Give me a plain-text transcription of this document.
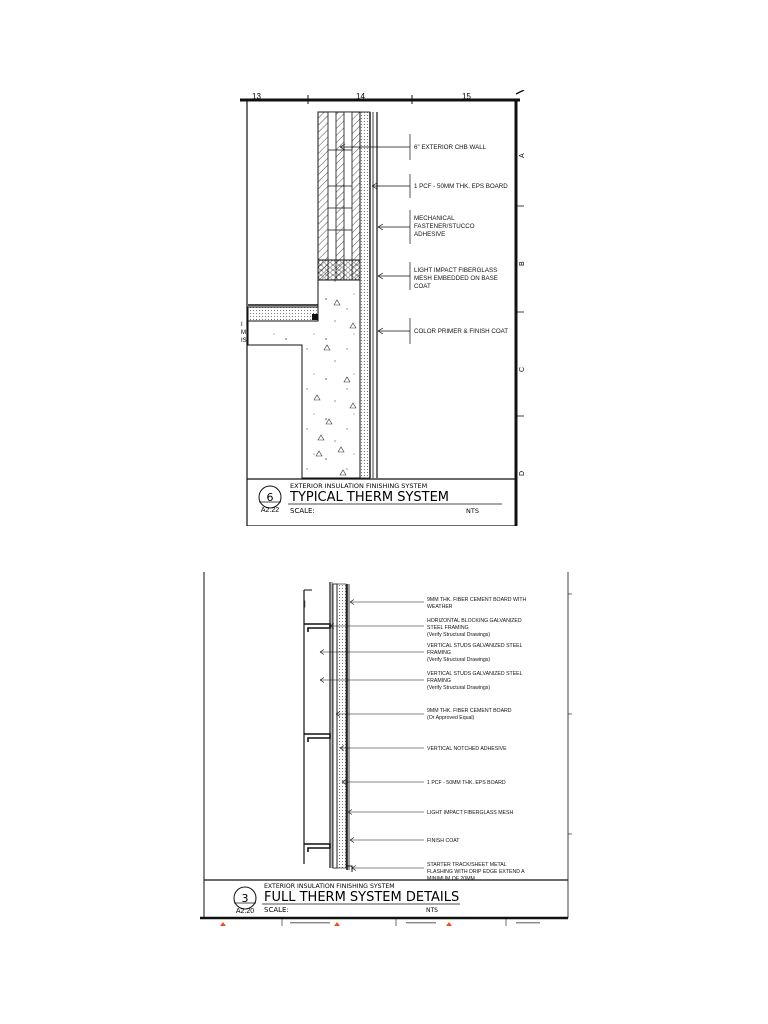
13	14	15
A
B
C
D
I
M
IS
6" EXTERIOR CHB WALL
1 PCF - 50MM THK. EPS BOARD
MECHANICAL
FASTENER/STUCCO
ADHESIVE
LIGHT IMPACT FIBERGLASS
MESH EMBEDDED ON BASE
COAT
COLOR PRIMER & FINISH COAT
6
A2.22
EXTERIOR INSULATION FINISHING SYSTEM
TYPICAL THERM SYSTEM
SCALE:	NTS
|
9MM THK. FIBER CEMENT BOARD WITH
WEATHER
HORIZONTAL BLOCKING GALVANIZED
STEEL FRAMING
(Verify Structural Drawings)
VERTICAL STUDS GALVANIZED STEEL
FRAMING
(Verify Structural Drawings)
VERTICAL STUDS GALVANIZED STEEL
FRAMING
(Verify Structural Drawings)
9MM THK. FIBER CEMENT BOARD
(Or Approved Equal)
VERTICAL NOTCHED ADHESIVE
1 PCF - 50MM THK. EPS BOARD
LIGHT IMPACT FIBERGLASS MESH
FINISH COAT
STARTER TRACK/SHEET METAL
FLASHING WITH DRIP EDGE EXTEND A
MINIMUM OF 20MM
3
A2.20
EXTERIOR INSULATION FINISHING SYSTEM
FULL THERM SYSTEM DETAILS
SCALE:	NTS
